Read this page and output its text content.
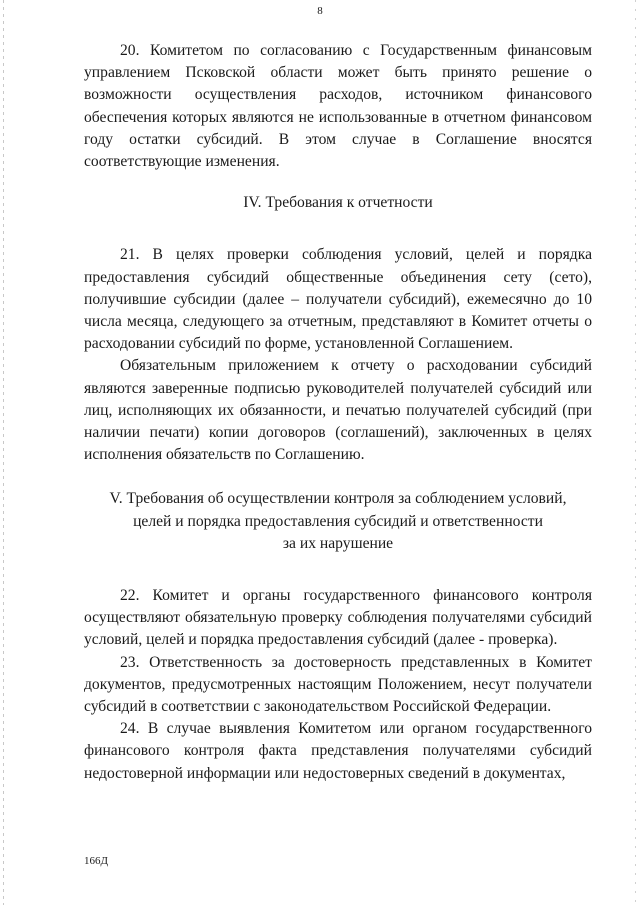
8

20. Комитетом по согласованию с Государственным финансовым управлением Псковской области может быть принято решение о возможности осуществления расходов, источником финансового обеспечения которых являются не использованные в отчетном финансовом году остатки субсидий. В этом случае в Соглашение вносятся соответствующие изменения.

IV. Требования к отчетности

21. В целях проверки соблюдения условий, целей и порядка предоставления субсидий общественные объединения сету (сето), получившие субсидии (далее – получатели субсидий), ежемесячно до 10 числа месяца, следующего за отчетным, представляют в Комитет отчеты о расходовании субсидий по форме, установленной Соглашением.

Обязательным приложением к отчету о расходовании субсидий являются заверенные подписью руководителей получателей субсидий или лиц, исполняющих их обязанности, и печатью получателей субсидий (при наличии печати) копии договоров (соглашений), заключенных в целях исполнения обязательств по Соглашению.

V. Требования об осуществлении контроля за соблюдением условий,

целей и порядка предоставления субсидий и ответственности

за их нарушение

22. Комитет и органы государственного финансового контроля осуществляют обязательную проверку соблюдения получателями субсидий условий, целей и порядка предоставления субсидий (далее - проверка).

23. Ответственность за достоверность представленных в Комитет документов, предусмотренных настоящим Положением, несут получатели субсидий в соответствии с законодательством Российской Федерации.

24. В случае выявления Комитетом или органом государственного финансового контроля факта представления получателями субсидий недостоверной информации или недостоверных сведений в документах,

166Д
